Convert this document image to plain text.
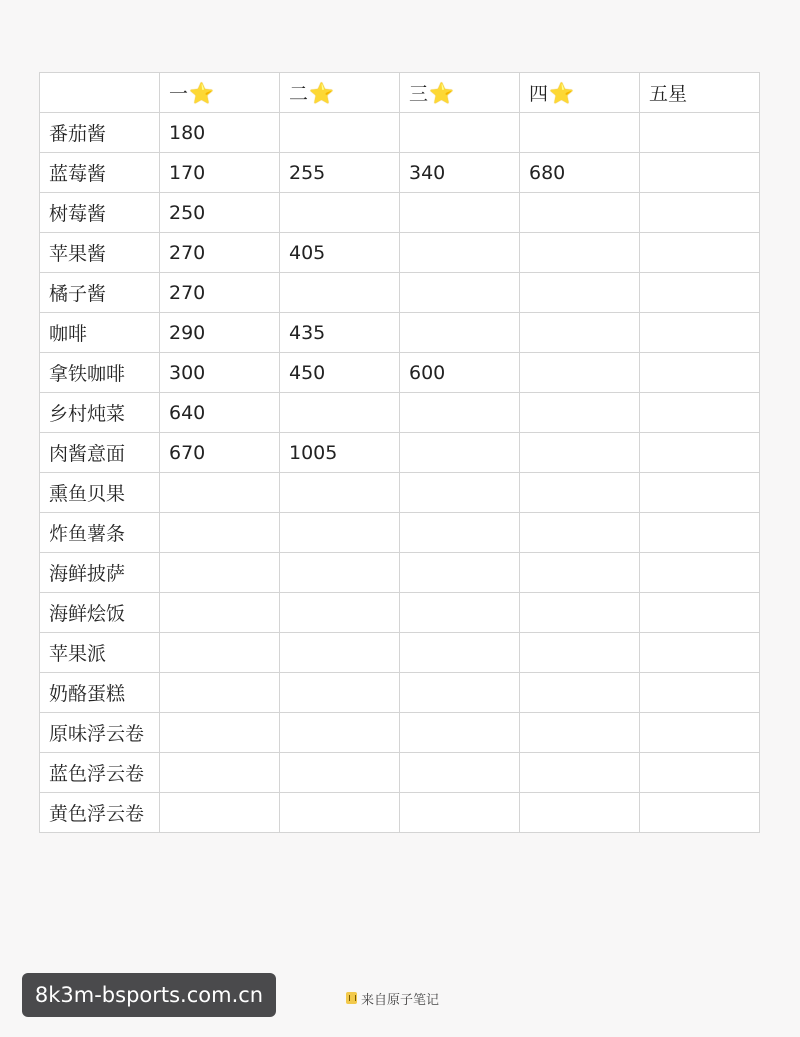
	一⭐	二⭐	三⭐	四⭐	五星
番茄酱	180				
蓝莓酱	170	255	340	680	
树莓酱	250				
苹果酱	270	405			
橘子酱	270				
咖啡	290	435			
拿铁咖啡	300	450	600		
乡村炖菜	640				
肉酱意面	670	1005			
熏鱼贝果					
炸鱼薯条					
海鲜披萨					
海鲜烩饭					
苹果派					
奶酪蛋糕					
原味浮云卷					
蓝色浮云卷					
黄色浮云卷					
8k3m-bsports.com.cn	来自原子笔记
